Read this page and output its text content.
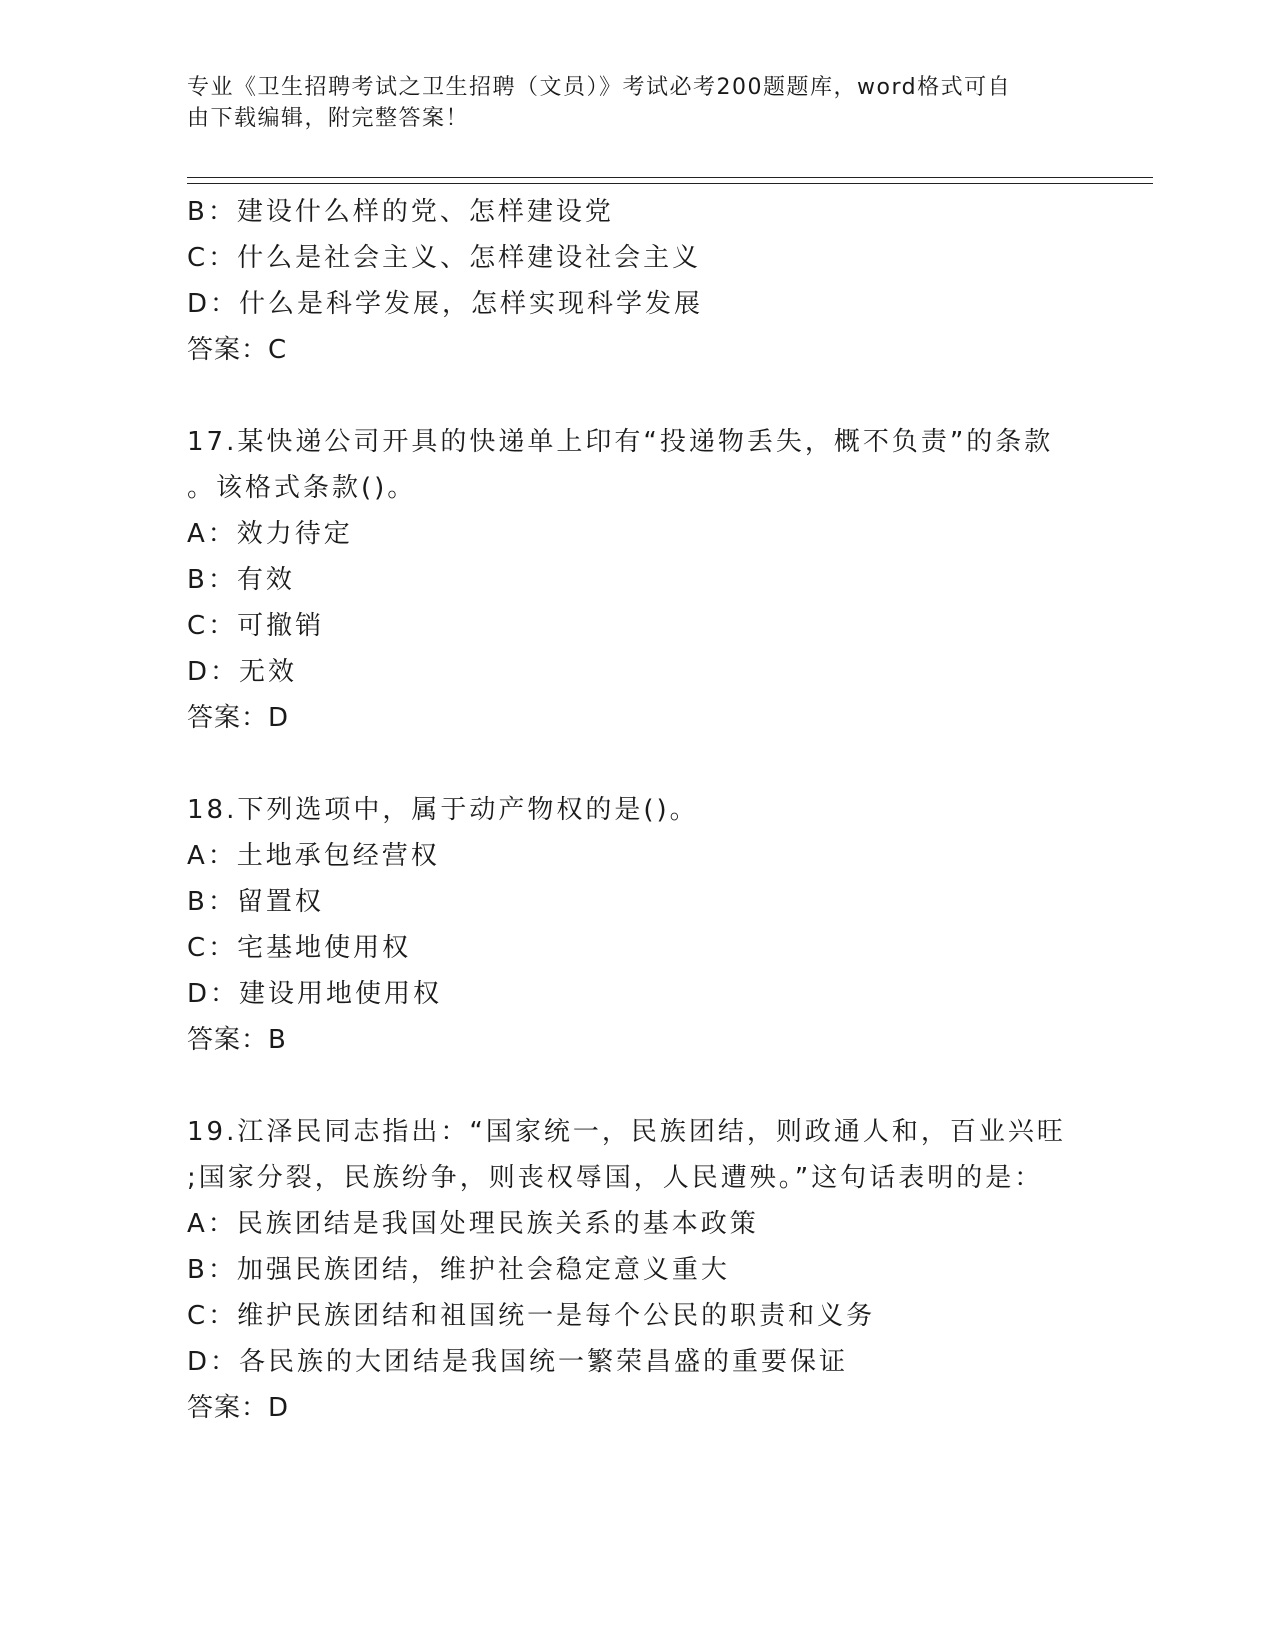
专业《卫生招聘考试之卫生招聘（文员）》考试必考200题题库，word格式可自
由下载编辑，附完整答案！
B：建设什么样的党、怎样建设党
C：什么是社会主义、怎样建设社会主义
D：什么是科学发展，怎样实现科学发展
答案：C
17.某快递公司开具的快递单上印有“投递物丢失，概不负责”的条款
。该格式条款()。
A：效力待定
B：有效
C：可撤销
D：无效
答案：D
18.下列选项中，属于动产物权的是()。
A：土地承包经营权
B：留置权
C：宅基地使用权
D：建设用地使用权
答案：B
19.江泽民同志指出：“国家统一，民族团结，则政通人和，百业兴旺
;国家分裂，民族纷争，则丧权辱国，人民遭殃。”这句话表明的是：
A：民族团结是我国处理民族关系的基本政策
B：加强民族团结，维护社会稳定意义重大
C：维护民族团结和祖国统一是每个公民的职责和义务
D：各民族的大团结是我国统一繁荣昌盛的重要保证
答案：D
